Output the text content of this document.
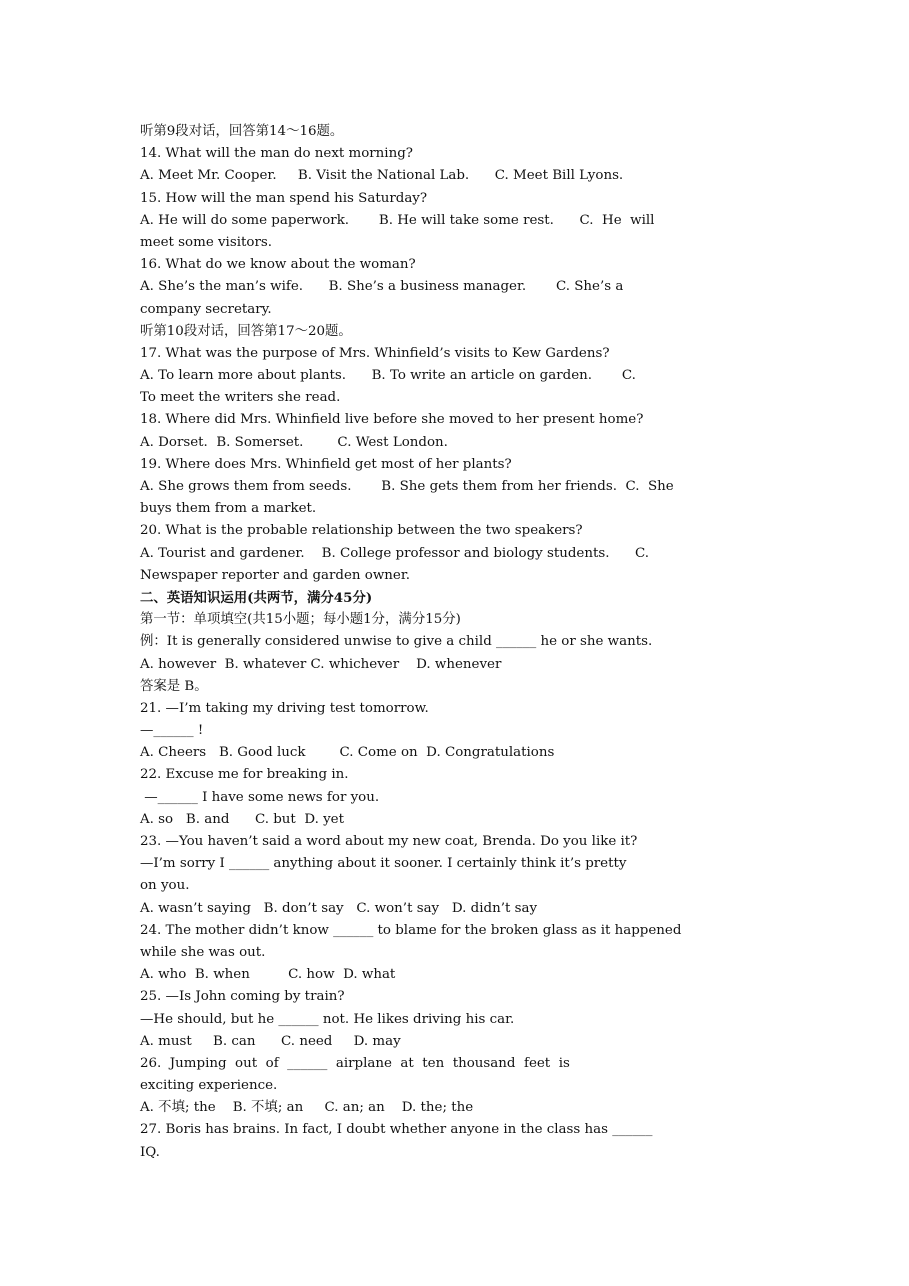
听第9段对话，回答第14～16题。
14. What will the man do next morning?
A. Meet Mr. Cooper.     B. Visit the National Lab.      C. Meet Bill Lyons.
15. How will the man spend his Saturday?
A. He will do some paperwork.       B. He will take some rest.      C.  He  will
meet some visitors.
16. What do we know about the woman?
A. She’s the man’s wife.      B. She’s a business manager.       C. She’s a
company secretary.
听第10段对话，回答第17～20题。
17. What was the purpose of Mrs. Whinfield’s visits to Kew Gardens?
A. To learn more about plants.      B. To write an article on garden.       C.
To meet the writers she read.
18. Where did Mrs. Whinfield live before she moved to her present home?
A. Dorset.  B. Somerset.        C. West London.
19. Where does Mrs. Whinfield get most of her plants?
A. She grows them from seeds.       B. She gets them from her friends.  C.  She
buys them from a market.
20. What is the probable relationship between the two speakers?
A. Tourist and gardener.    B. College professor and biology students.      C.
Newspaper reporter and garden owner.
二、英语知识运用(共两节，满分45分)
第一节：单项填空(共15小题；每小题1分，满分15分)
例：It is generally considered unwise to give a child ______ he or she wants.
A. however  B. whatever C. whichever    D. whenever
答案是 B。
21. —I’m taking my driving test tomorrow.
—______ !
A. Cheers   B. Good luck        C. Come on  D. Congratulations
22. Excuse me for breaking in.
—______ I have some news for you.
A. so   B. and      C. but  D. yet
23. —You haven’t said a word about my new coat, Brenda. Do you like it?
—I’m sorry I ______ anything about it sooner. I certainly think it’s pretty
on you.
A. wasn’t saying   B. don’t say   C. won’t say   D. didn’t say
24. The mother didn’t know ______ to blame for the broken glass as it happened
while she was out.
A. who  B. when         C. how  D. what
25. —Is John coming by train?
—He should, but he ______ not. He likes driving his car.
A. must     B. can      C. need     D. may
26.  Jumping  out  of  ______  airplane  at  ten  thousand  feet  is
exciting experience.
A. 不填; the    B. 不填; an     C. an; an    D. the; the
27. Boris has brains. In fact, I doubt whether anyone in the class has ______
IQ.
